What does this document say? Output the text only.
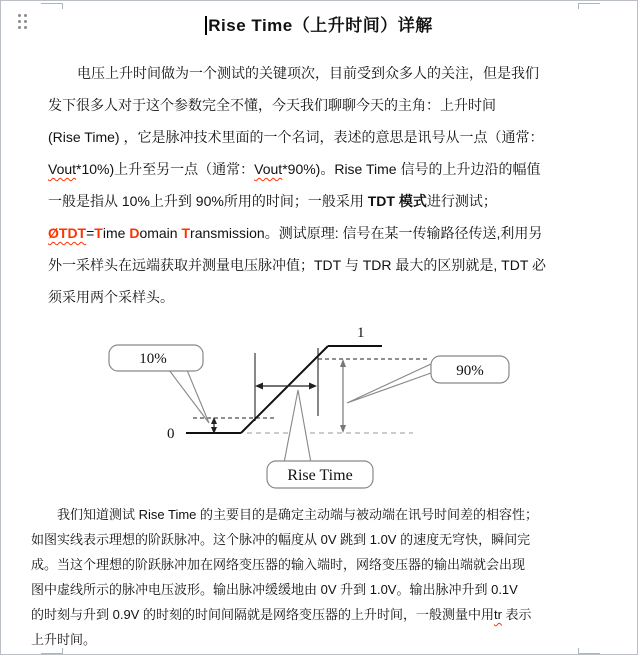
Rise Time（上升时间）详解
电压上升时间做为一个测试的关键项次，目前受到众多人的关注，但是我们
发下很多人对于这个参数完全不懂，今天我们聊聊今天的主角：上升时间
(Rise Time) ，它是脉冲技术里面的一个名词，表述的意思是讯号从一点（通常：
Vout*10%)上升至另一点（通常：Vout*90%)。Rise Time 信号的上升边沿的幅值
一般是指从 10%上升到 90%所用的时间；一般采用 TDT 模式进行测试；
ØTDT=Time Domain Transmission。测试原理: 信号在某一传输路径传送,利用另
外一采样头在远端获取并测量电压脉冲值；TDT 与 TDR 最大的区别就是, TDT 必
须采用两个采样头。
1
0
10%
90%
Rise Time
我们知道测试 Rise Time 的主要目的是确定主动端与被动端在讯号时间差的相容性；
如图实线表示理想的阶跃脉冲。这个脉冲的幅度从 0V 跳到 1.0V 的速度无穹快，瞬间完
成。当这个理想的阶跃脉冲加在网络变压器的输入端时，网络变压器的输出端就会出现
图中虚线所示的脉冲电压波形。输出脉冲缓缓地由 0V 升到 1.0V。输出脉冲升到 0.1V
的时刻与升到 0.9V 的时刻的时间间隔就是网络变压器的上升时间，一般测量中用tr 表示
上升时间。
